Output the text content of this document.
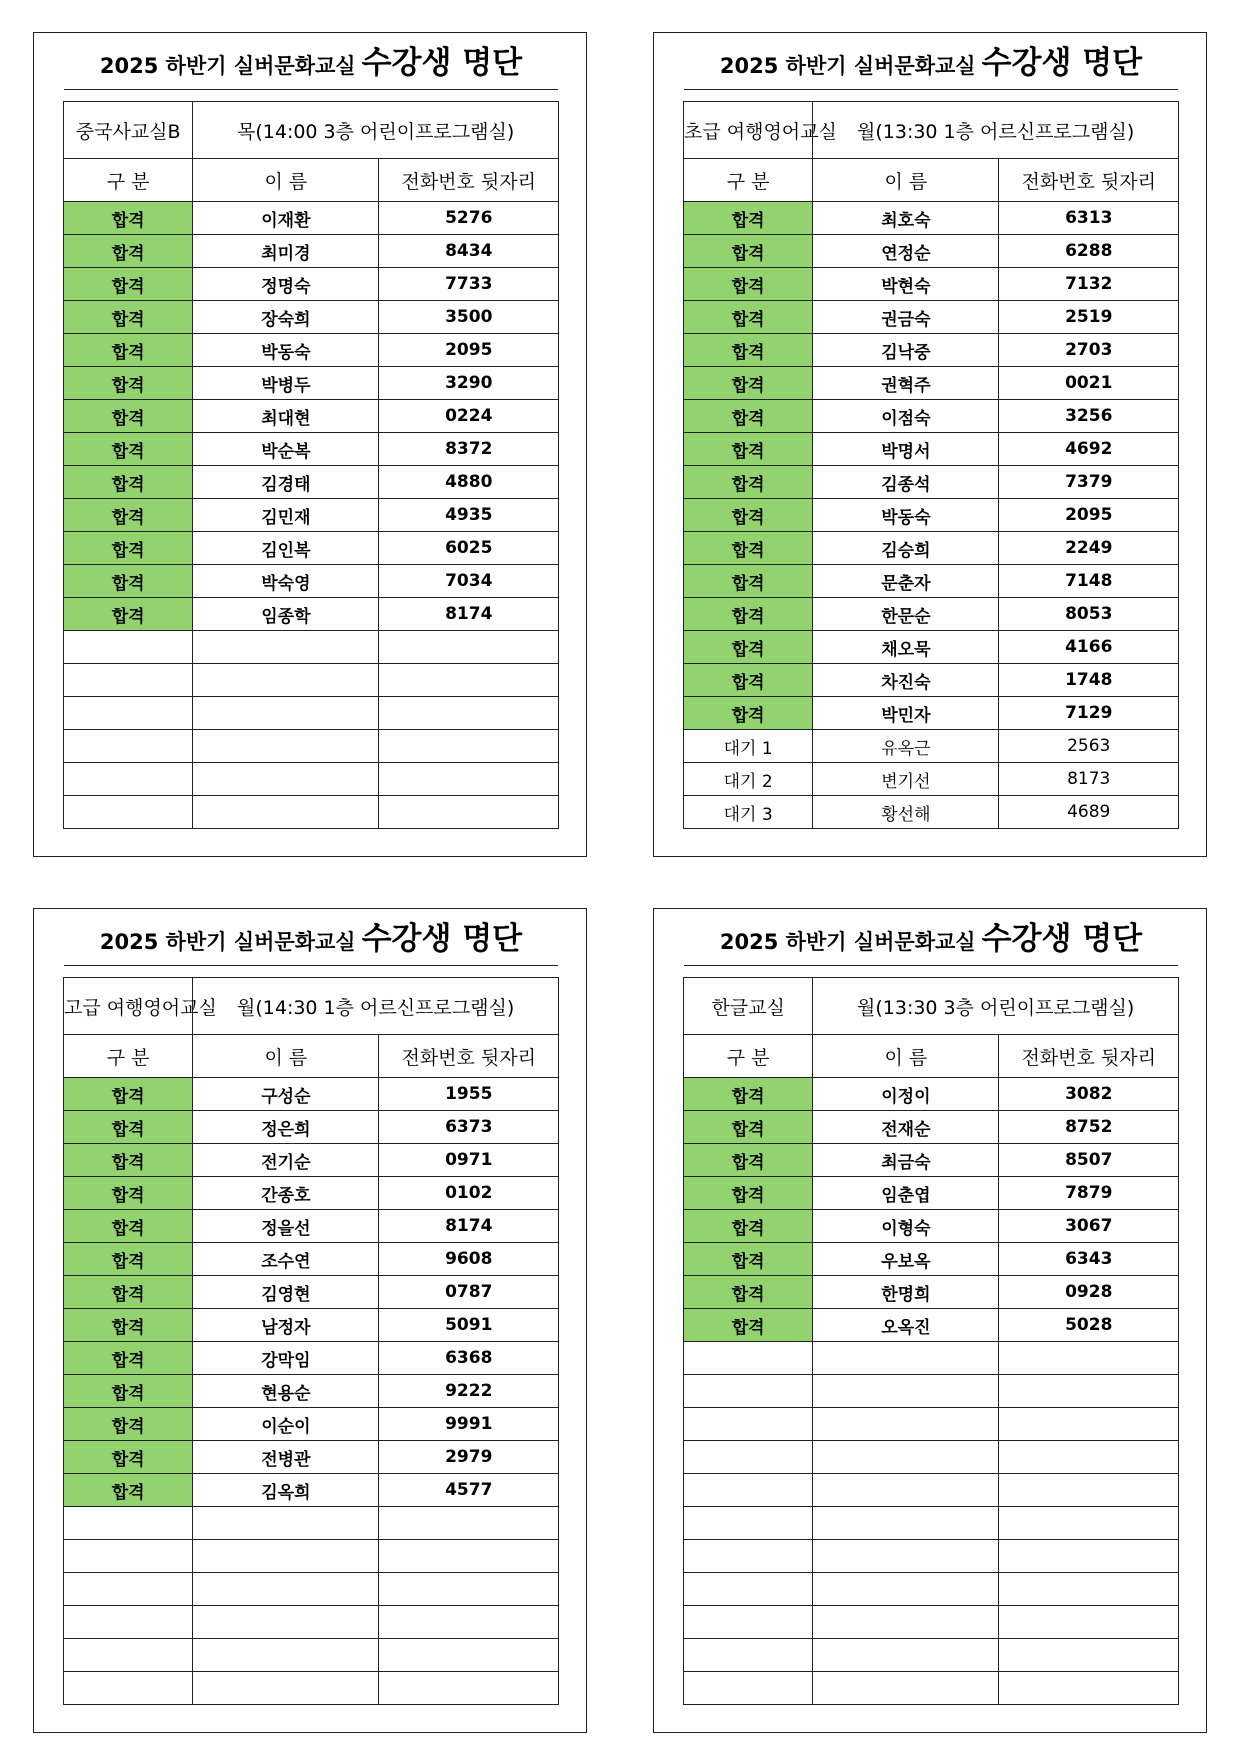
2025 하반기 실버문화교실 수강생 명단
중국사교실B	목(14:00 3층 어린이프로그램실)	
구 분	이 름	전화번호 뒷자리
합격	이재환	5276
합격	최미경	8434
합격	정명숙	7733
합격	장숙희	3500
합격	박동숙	2095
합격	박병두	3290
합격	최대현	0224
합격	박순복	8372
합격	김경태	4880
합격	김민재	4935
합격	김인복	6025
합격	박숙영	7034
합격	임종학	8174

2025 하반기 실버문화교실 수강생 명단
초급 여행영어교실	월(13:30 1층 어르신프로그램실)	
구 분	이 름	전화번호 뒷자리
합격	최호숙	6313
합격	연정순	6288
합격	박현숙	7132
합격	권금숙	2519
합격	김낙중	2703
합격	권혁주	0021
합격	이점숙	3256
합격	박명서	4692
합격	김종석	7379
합격	박동숙	2095
합격	김승희	2249
합격	문춘자	7148
합격	한문순	8053
합격	채오묵	4166
합격	차진숙	1748
합격	박민자	7129
대기 1	유옥근	2563
대기 2	변기선	8173
대기 3	황선해	4689
2025 하반기 실버문화교실 수강생 명단
고급 여행영어교실	월(14:30 1층 어르신프로그램실)	
구 분	이 름	전화번호 뒷자리
합격	구성순	1955
합격	정은희	6373
합격	전기순	0971
합격	간종호	0102
합격	정을선	8174
합격	조수연	9608
합격	김영현	0787
합격	남정자	5091
합격	강막임	6368
합격	현용순	9222
합격	이순이	9991
합격	전병관	2979
합격	김옥희	4577

2025 하반기 실버문화교실 수강생 명단
한글교실	월(13:30 3층 어린이프로그램실)	
구 분	이 름	전화번호 뒷자리
합격	이정이	3082
합격	전재순	8752
합격	최금숙	8507
합격	임춘엽	7879
합격	이형숙	3067
합격	우보옥	6343
합격	한명희	0928
합격	오옥진	5028
